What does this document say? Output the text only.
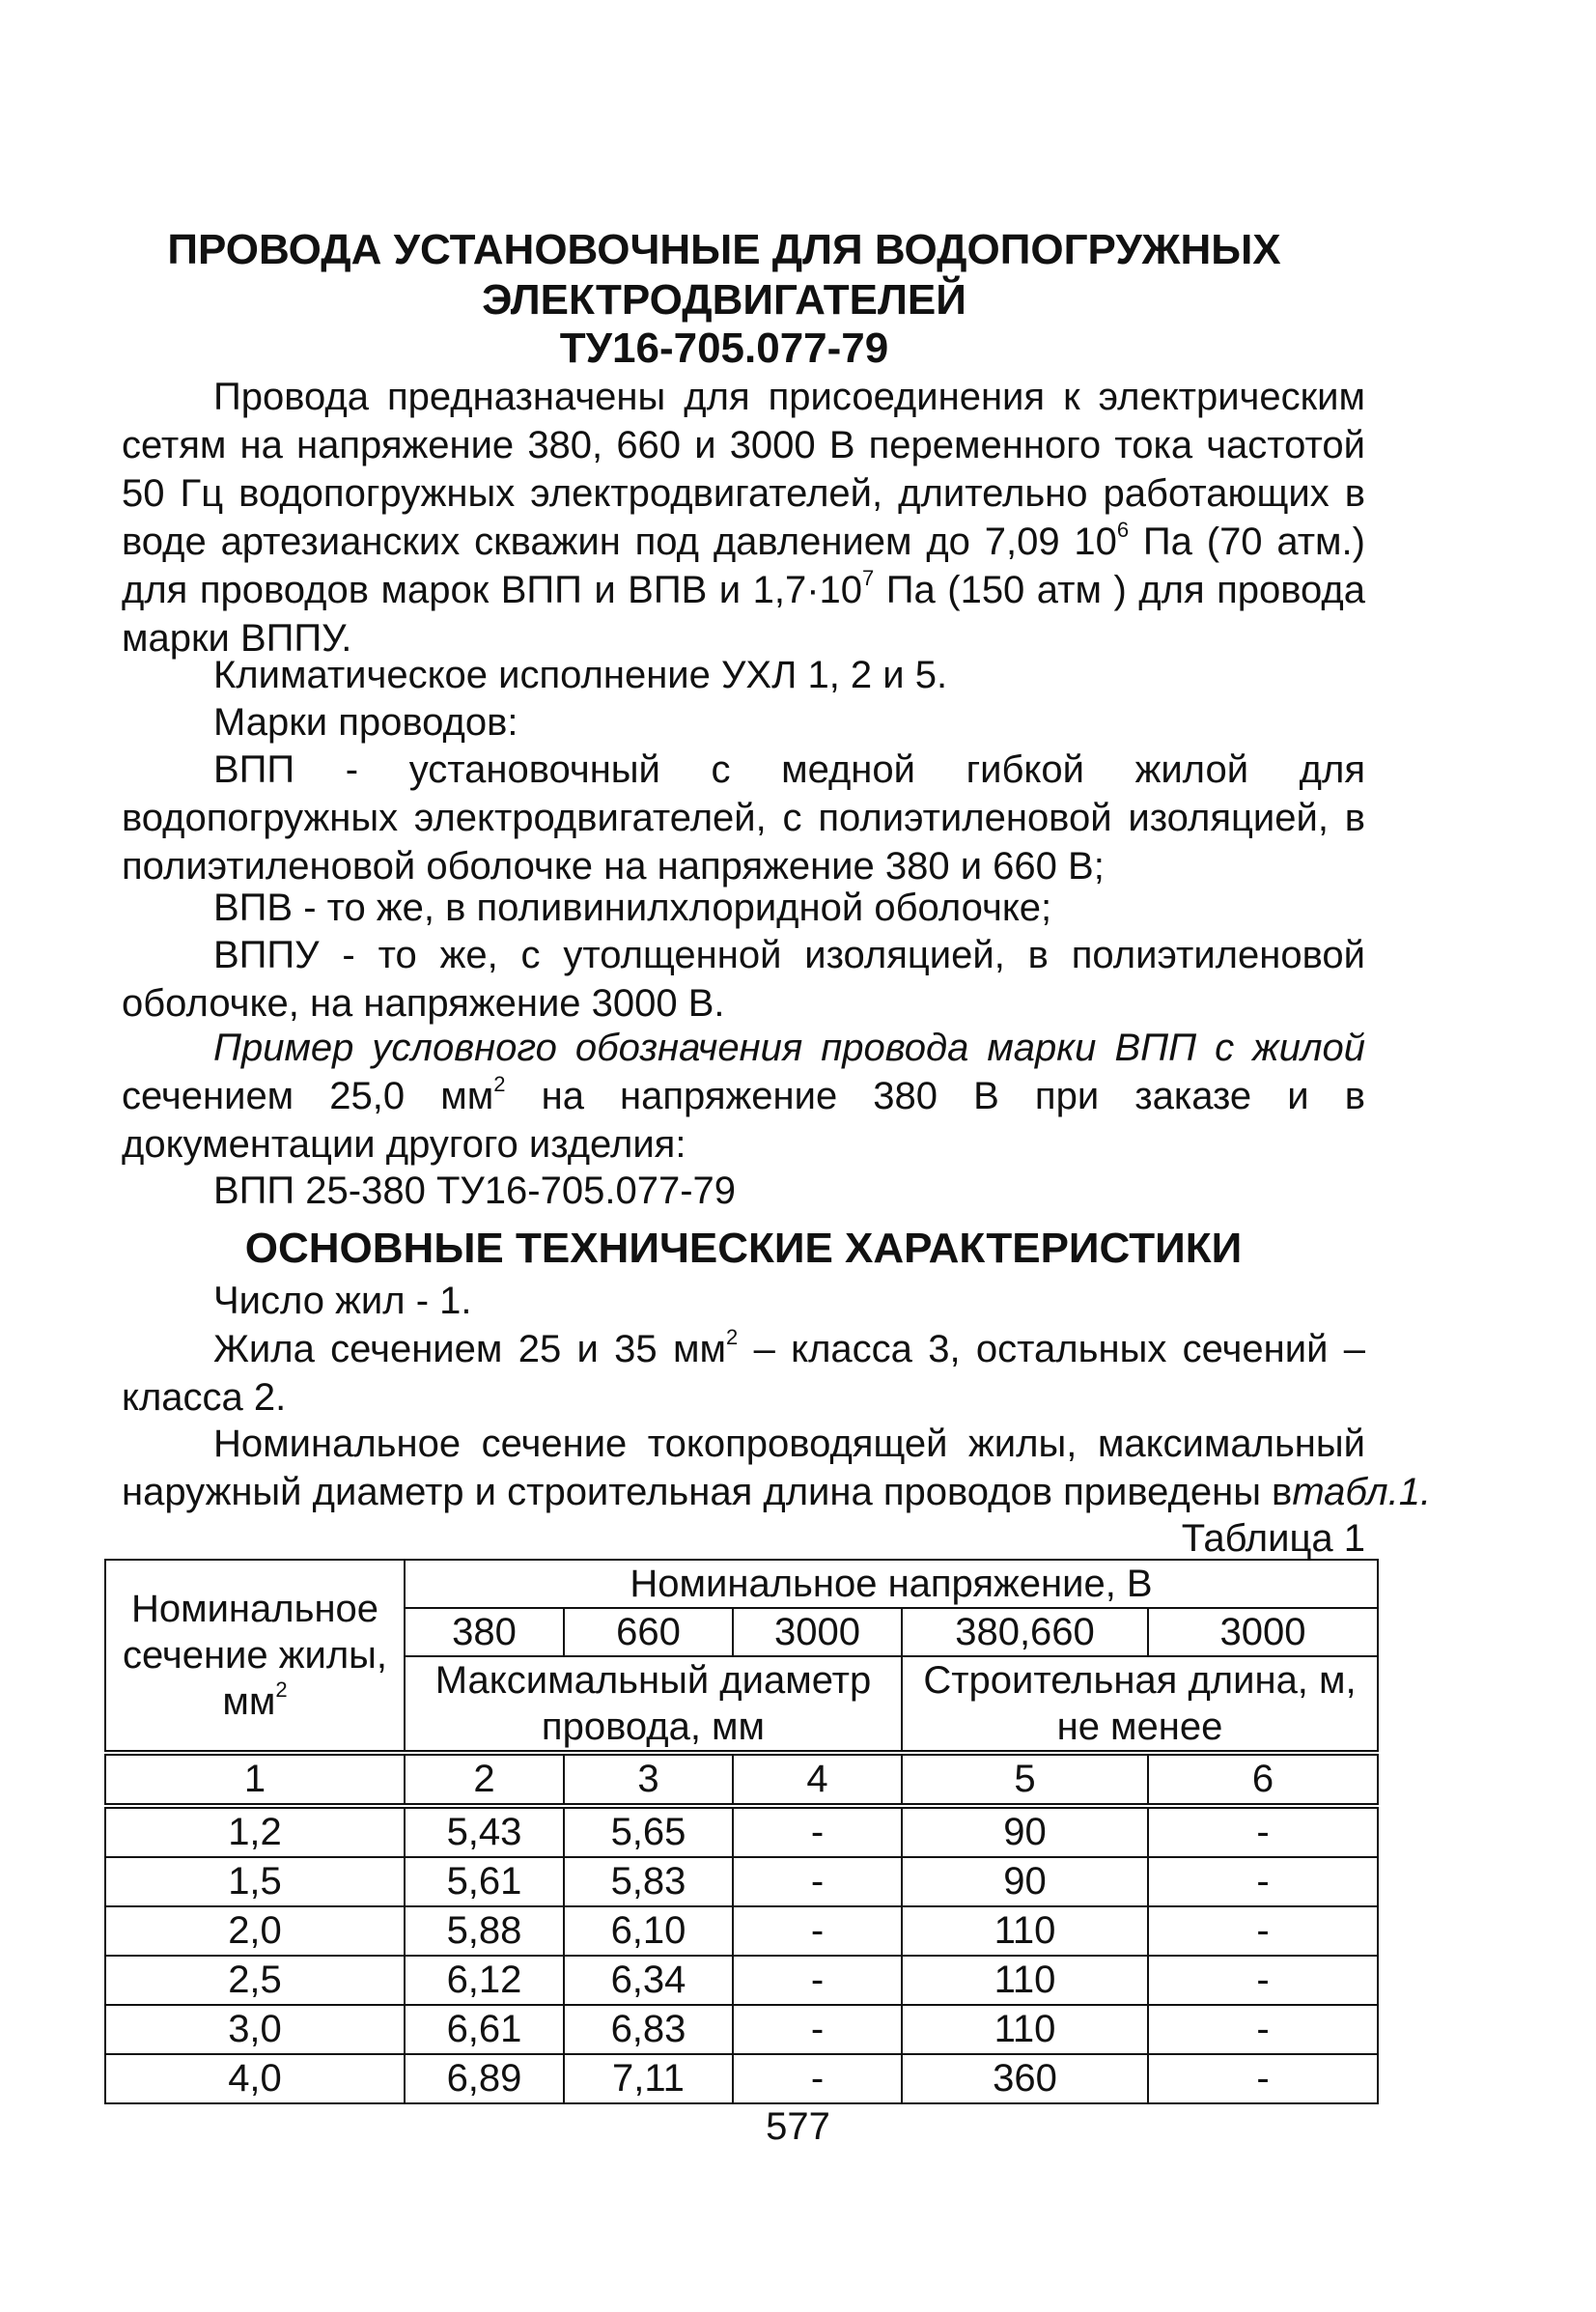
ПРОВОДА УСТАНОВОЧНЫЕ ДЛЯ ВОДОПОГРУЖНЫХ
ЭЛЕКТРОДВИГАТЕЛЕЙ
ТУ16-705.077-79

Провода предназначены для присоединения к электрическим сетям на напряжение 380, 660 и 3000 В переменного тока частотой 50 Гц водопогружных электродвигателей, длительно работающих в воде артезианских скважин под давлением до 7,09 $10^6$ Па (70 атм.) для проводов марок ВПП и ВПВ и $1,7\cdot 10^7$ Па (150 атм ) для провода марки ВППУ.

Климатическое исполнение УХЛ 1, 2 и 5.

Марки проводов:

ВПП - установочный с медной гибкой жилой для водопогружных электродвигателей, с полиэтиленовой изоляцией, в полиэтиленовой оболочке на напряжение 380 и 660 В;

ВПВ - то же, в поливинилхлоридной оболочке;

ВППУ - то же, с утолщенной изоляцией, в полиэтиленовой оболочке, на напряжение 3000 В.

Пример условного обозначения провода марки ВПП с жилой сечением 25,0 $мм^2$ на напряжение 380 В при заказе и в документации другого изделия:

ВПП 25-380 ТУ16-705.077-79

ОСНОВНЫЕ ТЕХНИЧЕСКИЕ ХАРАКТЕРИСТИКИ

Число жил - 1.

Жила сечением 25 и 35 $мм^2$ – класса 3, остальных сечений – класса 2.

Номинальное сечение токопроводящей жилы, максимальный наружный диаметр и строительная длина проводов приведены в

Таблица 1
табл.1.
Номинальное сечение жилы, $мм^2$	Номинальное напряжение, В				
	380	660	3000	380,660	3000
	Максимальный диаметр провода, мм			Строительная длина, м, не менее	
1	2	3	4	5	6
1,2	5,43	5,65	-	90	-
1,5	5,61	5,83	-	90	-
2,0	5,88	6,10	-	110	-
2,5	6,12	6,34	-	110	-
3,0	6,61	6,83	-	110	-
4,0	6,89	7,11	-	360	-
577
